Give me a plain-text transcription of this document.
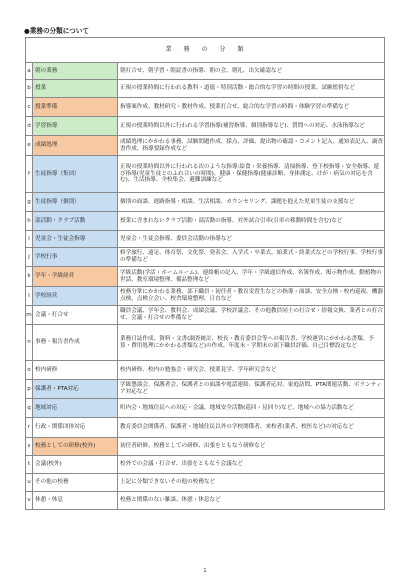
●業務の分類について
業　務　の　分　類		
a	朝の業務	朝打合せ、朝学習・朝読書の指導、朝の会、朝礼、出欠確認など
b	授業	正規の授業時間に行われる教科・道徳・特別活動・総合的な学習の時間の授業、試験監督など
c	授業準備	指導案作成、教材研究・教材作成、授業打合せ、総合的な学習の時間・体験学習の準備など
d	学習指導	正規の授業時間以外に行われる学習指導(補習指導、個別指導など)、質問への対応、水泳指導など
e	成績処理	成績処理にかかわる事務、試験問題作成、採点、評価、提出物の確認・コメント記入、通知表記入、調査書作成、指導要録作成など
f	生徒指導（集団）	正規の授業時間以外に行われる次のような指導:給食・栄養指導、清掃指導、登下校指導・安全指導、遊び指導(児童生徒とのふれ合いの時間)、健康・保健指導(健康診断、身体測定、けが・病気の対応を含む)、生活指導、全校集会、避難訓練など
g	生徒指導（個別）	個別の面談、進路指導・相談、生活相談、カウンセリング、課題を抱えた児童生徒の支援など
h	部活動・クラブ活動	授業に含まれないクラブ活動・部活動の指導、対外試合引率(引率の移動時間を含む)など
i	児童会・生徒会指導	児童会・生徒会指導、委員会活動の指導など
j	学校行事	修学旅行、遠足、体育祭、文化祭、発表会、入学式・卒業式、始業式・終業式などの学校行事、学校行事の準備など
k	学年・学級経営	学級活動(学活・ホームルーム)、連絡帳の記入、学年・学級通信作成、名簿作成、掲示物作成、動植物の世話、教室環境整理、備品整理など
l	学校経営	校務分掌にかかわる業務、部下職員・初任者・教育実習生などの指導・面談、安全点検・校内巡視、機器点検、点検立会い、校舎環境整理、日直など
m	会議・打合せ	職員会議、学年会、教科会、成績会議、学校評議会、その他教員同士の打合せ・情報交換、業者との打合せ、会議・打合せの準備など
n	事務・報告書作成	業務日誌作成、資料・文書(調査統計、校長・教育委員会等への報告書、学校運営にかかわる書類、予算・費用処理にかかわる書類など)の作成、年度末・学期末の部下職員評価、自己目標設定など
o	校内研修	校内研修、校内の勉強会・研究会、授業見学、学年研究会など
p	保護者・PTA対応	学級懇談会、保護者会、保護者との面談や電話連絡、保護者応対、家庭訪問、PTA関連活動、ボランティア対応など
q	地域対応	町内会・地域住民への対応・会議、地域安全活動(巡回・見回り)など、地域への協力活動など
r	行政・関係団体対応	教育委員会関係者、保護者・地域住民以外の学校関係者、来校者(業者、校医など)の対応など
s	校務としての研修(校外)	初任者研修、校務としての研修、出張をともなう研修など
t	会議(校外)	校外での会議・打合せ、出張をともなう会議など
u	その他の校務	上記に分類できないその他の校務など
v	休憩・休息	校務と関係のない雑談、休憩・休息など
1
